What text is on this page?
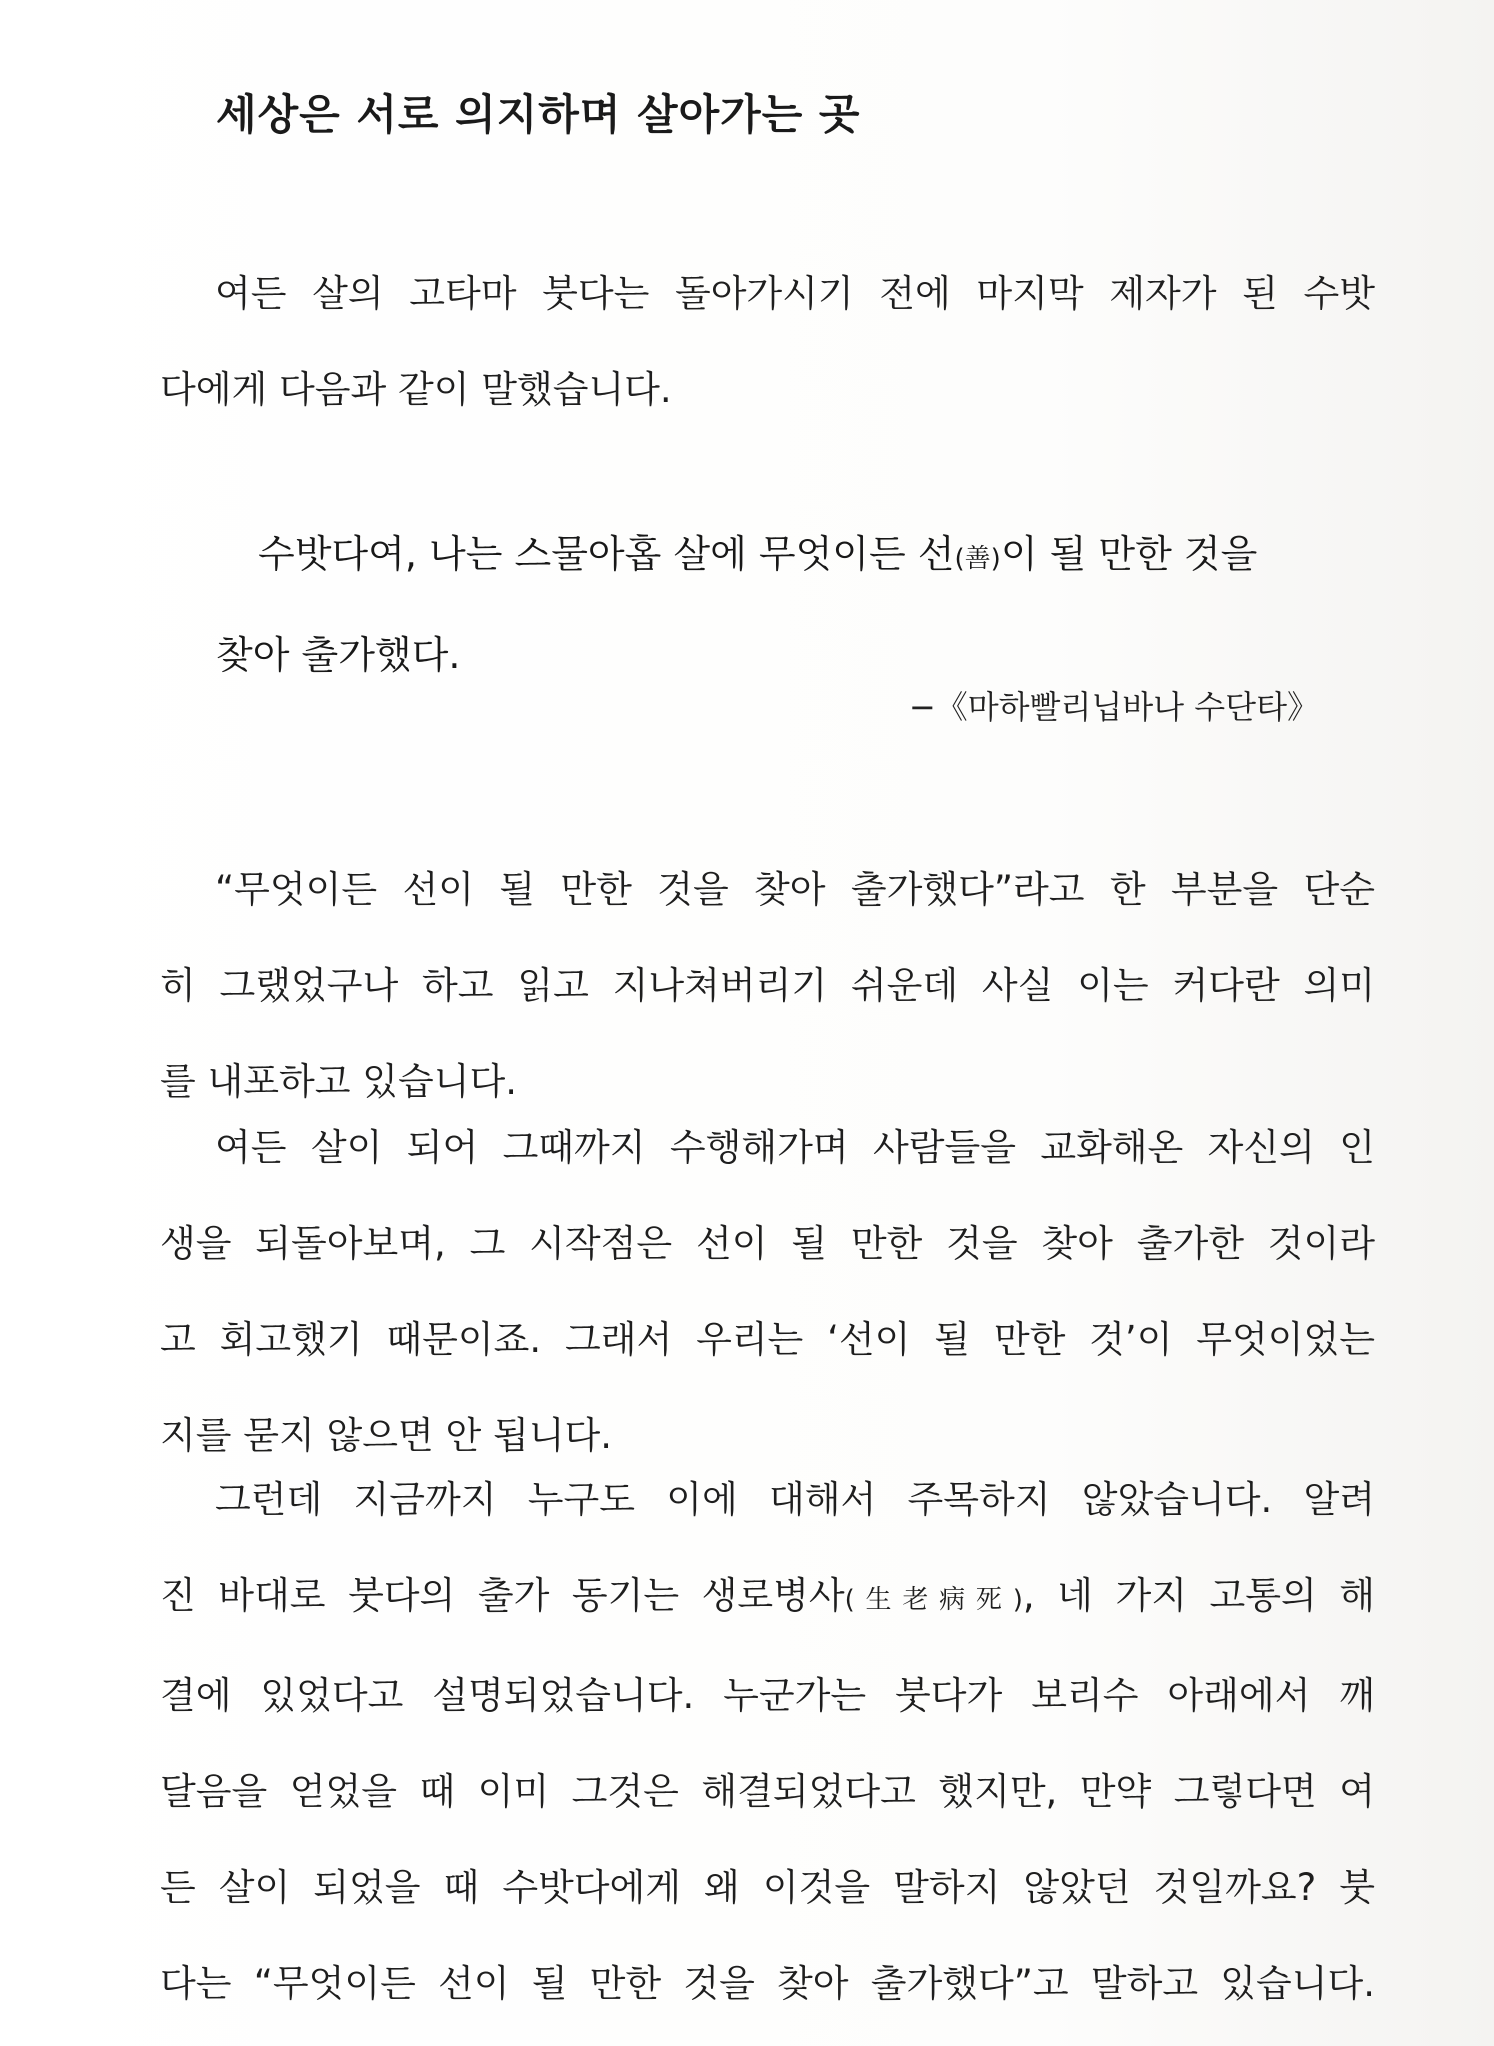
세상은 서로 의지하며 살아가는 곳
여든 살의 고타마 붓다는 돌아가시기 전에 마지막 제자가 된 수밧
다에게 다음과 같이 말했습니다.
수밧다여, 나는 스물아홉 살에 무엇이든 선(善)이 될 만한 것을
찾아 출가했다.
−《마하빨리닙바나 수단타》
“무엇이든 선이 될 만한 것을 찾아 출가했다”라고 한 부분을 단순
히 그랬었구나 하고 읽고 지나쳐버리기 쉬운데 사실 이는 커다란 의미
를 내포하고 있습니다.
여든 살이 되어 그때까지 수행해가며 사람들을 교화해온 자신의 인
생을 되돌아보며, 그 시작점은 선이 될 만한 것을 찾아 출가한 것이라
고 회고했기 때문이죠. 그래서 우리는 ‘선이 될 만한 것’이 무엇이었는
지를 묻지 않으면 안 됩니다.
그런데 지금까지 누구도 이에 대해서 주목하지 않았습니다. 알려
진 바대로 붓다의 출가 동기는 생로병사(生老病死), 네 가지 고통의 해
결에 있었다고 설명되었습니다. 누군가는 붓다가 보리수 아래에서 깨
달음을 얻었을 때 이미 그것은 해결되었다고 했지만, 만약 그렇다면 여
든 살이 되었을 때 수밧다에게 왜 이것을 말하지 않았던 것일까요? 붓
다는 “무엇이든 선이 될 만한 것을 찾아 출가했다”고 말하고 있습니다.
